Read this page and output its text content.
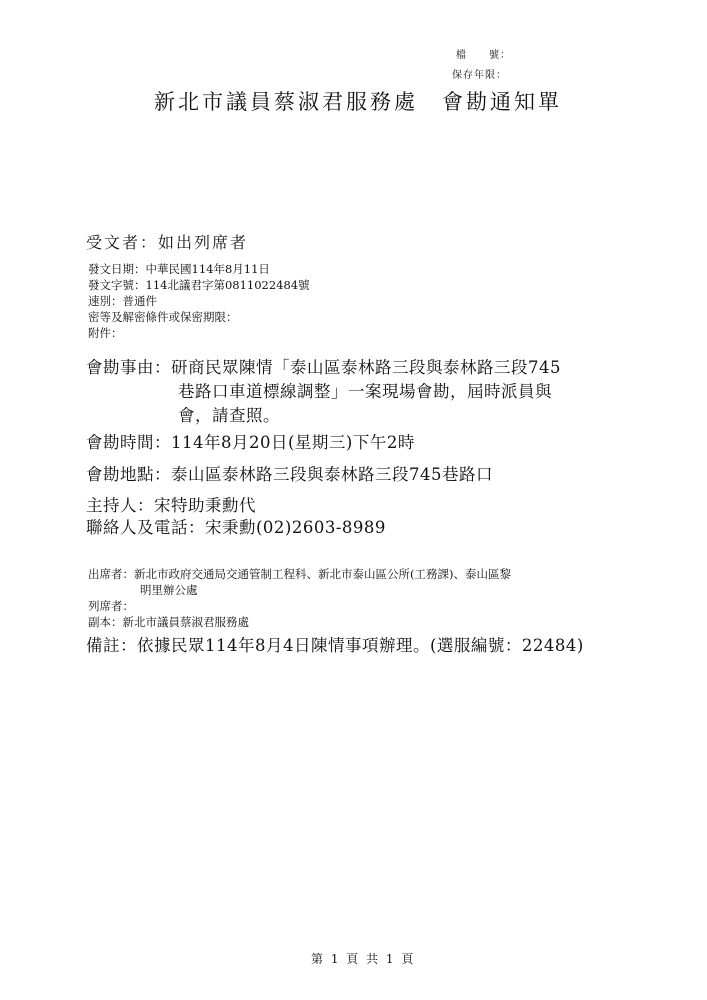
檔　　號：
保存年限：
新北市議員蔡淑君服務處　會勘通知單
受文者：如出列席者
發文日期：中華民國114年8月11日
發文字號：114北議君字第0811022484號
速別：普通件
密等及解密條件或保密期限：
附件：
會勘事由：研商民眾陳情「泰山區泰林路三段與泰林路三段745
巷路口車道標線調整」一案現場會勘，屆時派員與
會，請查照。
會勘時間：114年8月20日(星期三)下午2時
會勘地點：泰山區泰林路三段與泰林路三段745巷路口
主持人：宋特助秉勳代
聯絡人及電話：宋秉勳(02)2603-8989
出席者：新北市政府交通局交通管制工程科、新北市泰山區公所(工務課)、泰山區黎
明里辦公處
列席者：
副本：新北市議員蔡淑君服務處
備註：依據民眾114年8月4日陳情事項辦理。(選服編號：22484)
第 1 頁 共 1 頁
